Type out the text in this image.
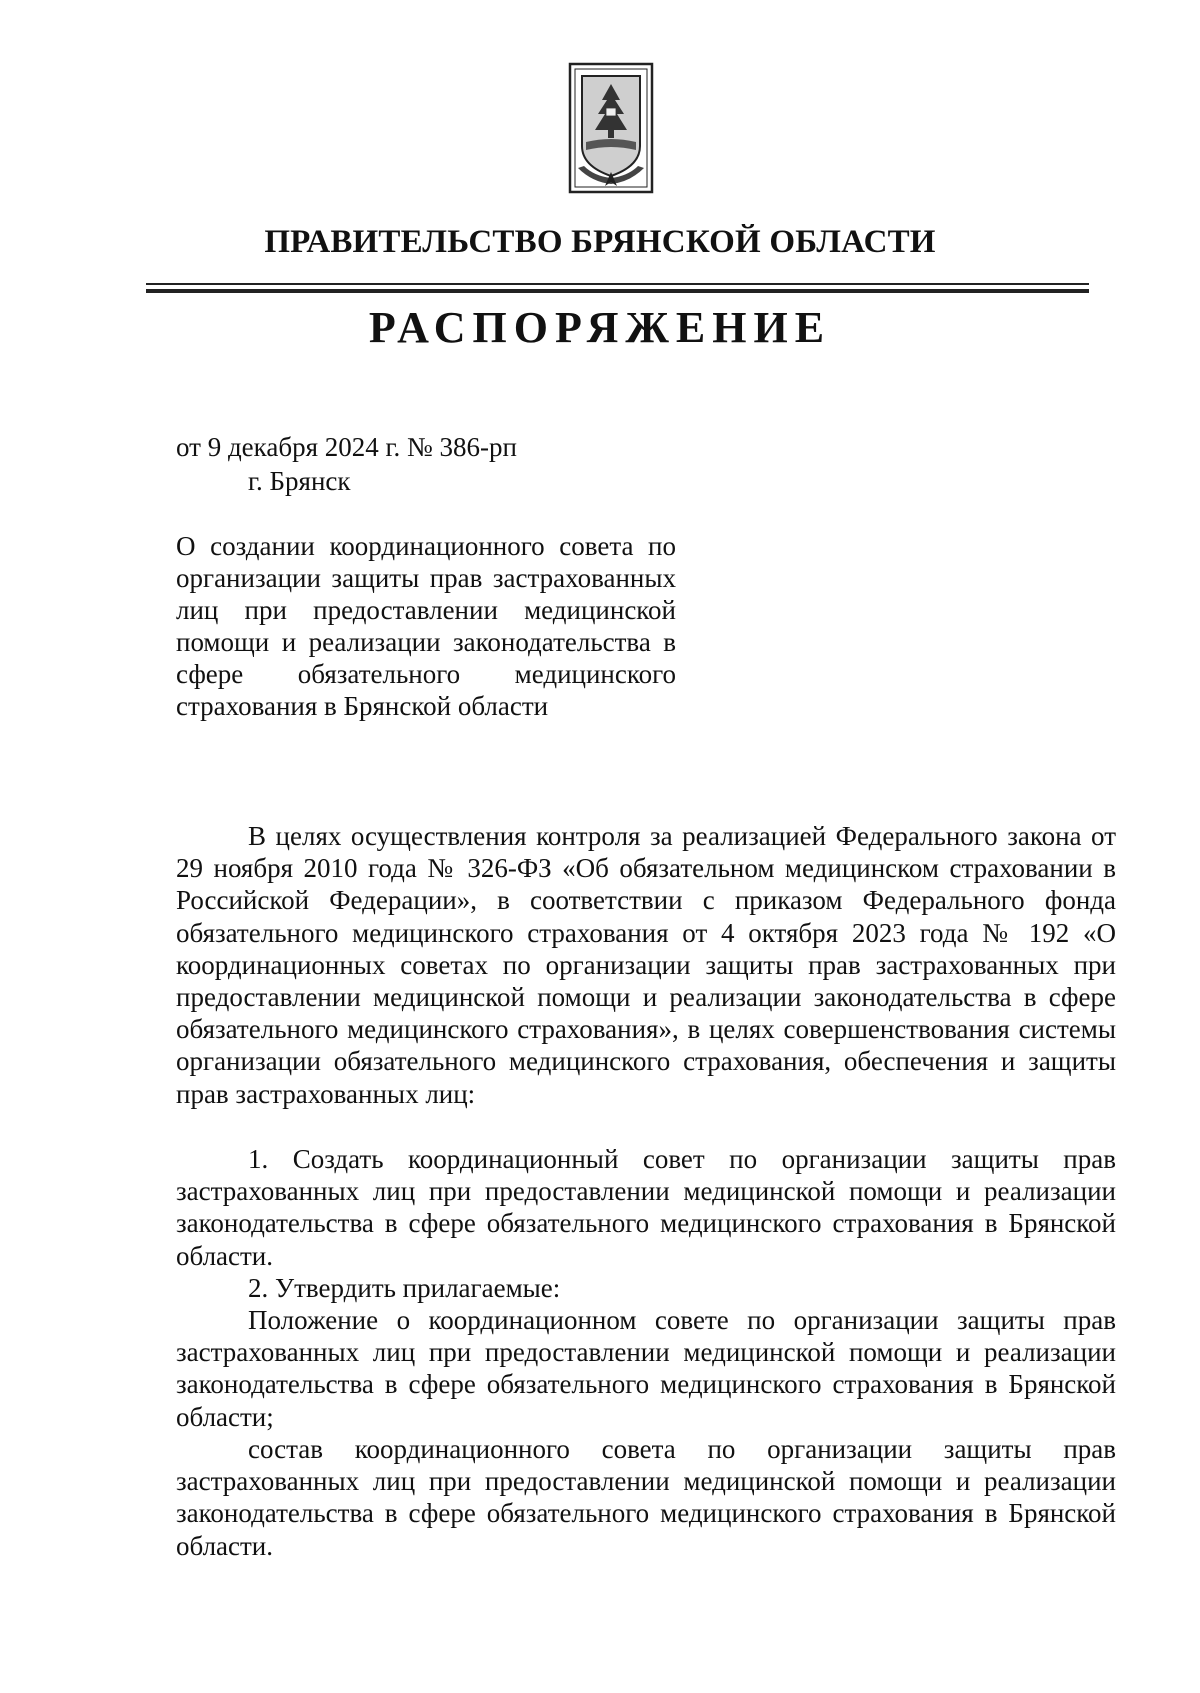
ПРАВИТЕЛЬСТВО БРЯНСКОЙ ОБЛАСТИ
РАСПОРЯЖЕНИЕ
от 9 декабря 2024 г. № 386-рп
г. Брянск

О создании координационного совета по организации защиты прав застрахованных лиц при предоставлении медицинской помощи и реализации законодательства в сфере обязательного медицинского страхования в Брянской области

В целях осуществления контроля за реализацией Федерального закона от 29 ноября 2010 года № 326-ФЗ «Об обязательном медицинском страховании в Российской Федерации», в соответствии с приказом Федерального фонда обязательного медицинского страхования от 4 октября 2023 года № 192 «О координационных советах по организации защиты прав застрахованных при предоставлении медицинской помощи и реализации законодательства в сфере обязательного медицинского страхования», в целях совершенствования системы организации обязательного медицинского страхования, обеспечения и защиты прав застрахованных лиц:

1. Создать координационный совет по организации защиты прав застрахованных лиц при предоставлении медицинской помощи и реализации законодательства в сфере обязательного медицинского страхования в Брянской области.

2. Утвердить прилагаемые:

Положение о координационном совете по организации защиты прав застрахованных лиц при предоставлении медицинской помощи и реализации законодательства в сфере обязательного медицинского страхования в Брянской области;

состав координационного совета по организации защиты прав застрахованных лиц при предоставлении медицинской помощи и реализации законодательства в сфере обязательного медицинского страхования в Брянской области.
